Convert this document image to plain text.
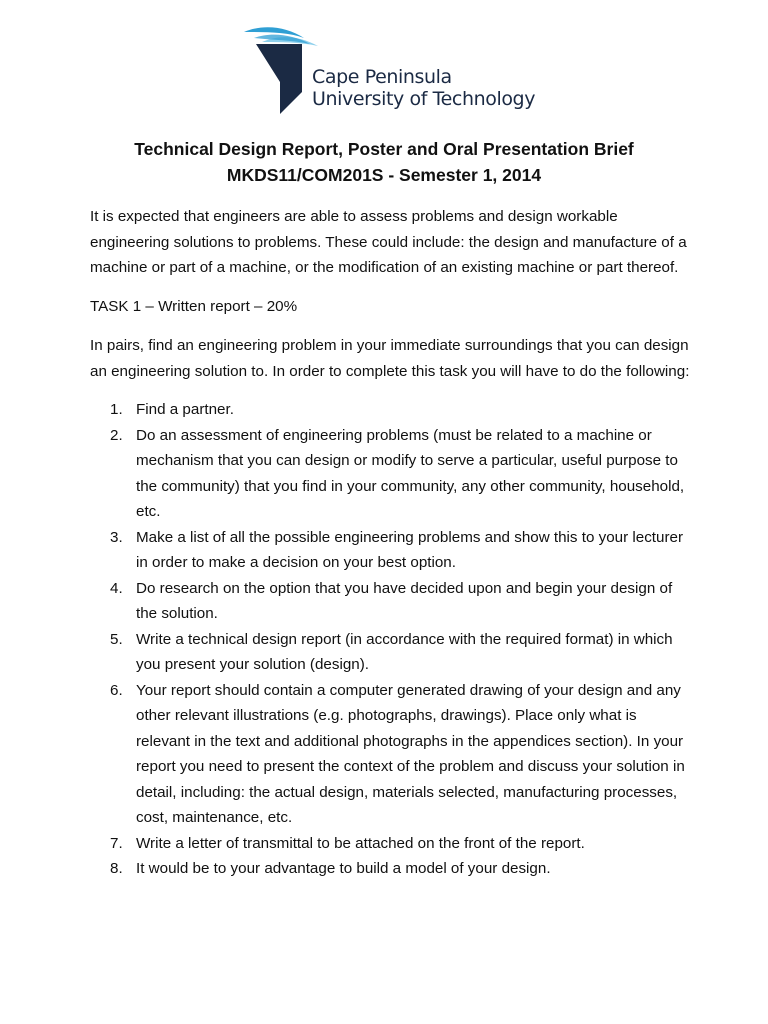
Cape Peninsula
University of Technology
Technical Design Report, Poster and Oral Presentation Brief
MKDS11/COM201S - Semester 1, 2014

It is expected that engineers are able to assess problems and design workable engineering solutions to problems. These could include: the design and manufacture of a machine or part of a machine, or the modification of an existing machine or part thereof.

TASK 1 – Written report – 20%

In pairs, find an engineering problem in your immediate surroundings that you can design an engineering solution to. In order to complete this task you will have to do the following:

1. Find a partner.
2. Do an assessment of engineering problems (must be related to a machine or mechanism that you can design or modify to serve a particular, useful purpose to the community) that you find in your community, any other community, household, etc.
3. Make a list of all the possible engineering problems and show this to your lecturer in order to make a decision on your best option.
4. Do research on the option that you have decided upon and begin your design of the solution.
5. Write a technical design report (in accordance with the required format) in which you present your solution (design).
6. Your report should contain a computer generated drawing of your design and any other relevant illustrations (e.g. photographs, drawings). Place only what is relevant in the text and additional photographs in the appendices section). In your report you need to present the context of the problem and discuss your solution in detail, including: the actual design, materials selected, manufacturing processes, cost, maintenance, etc.
7. Write a letter of transmittal to be attached on the front of the report.
8. It would be to your advantage to build a model of your design.
